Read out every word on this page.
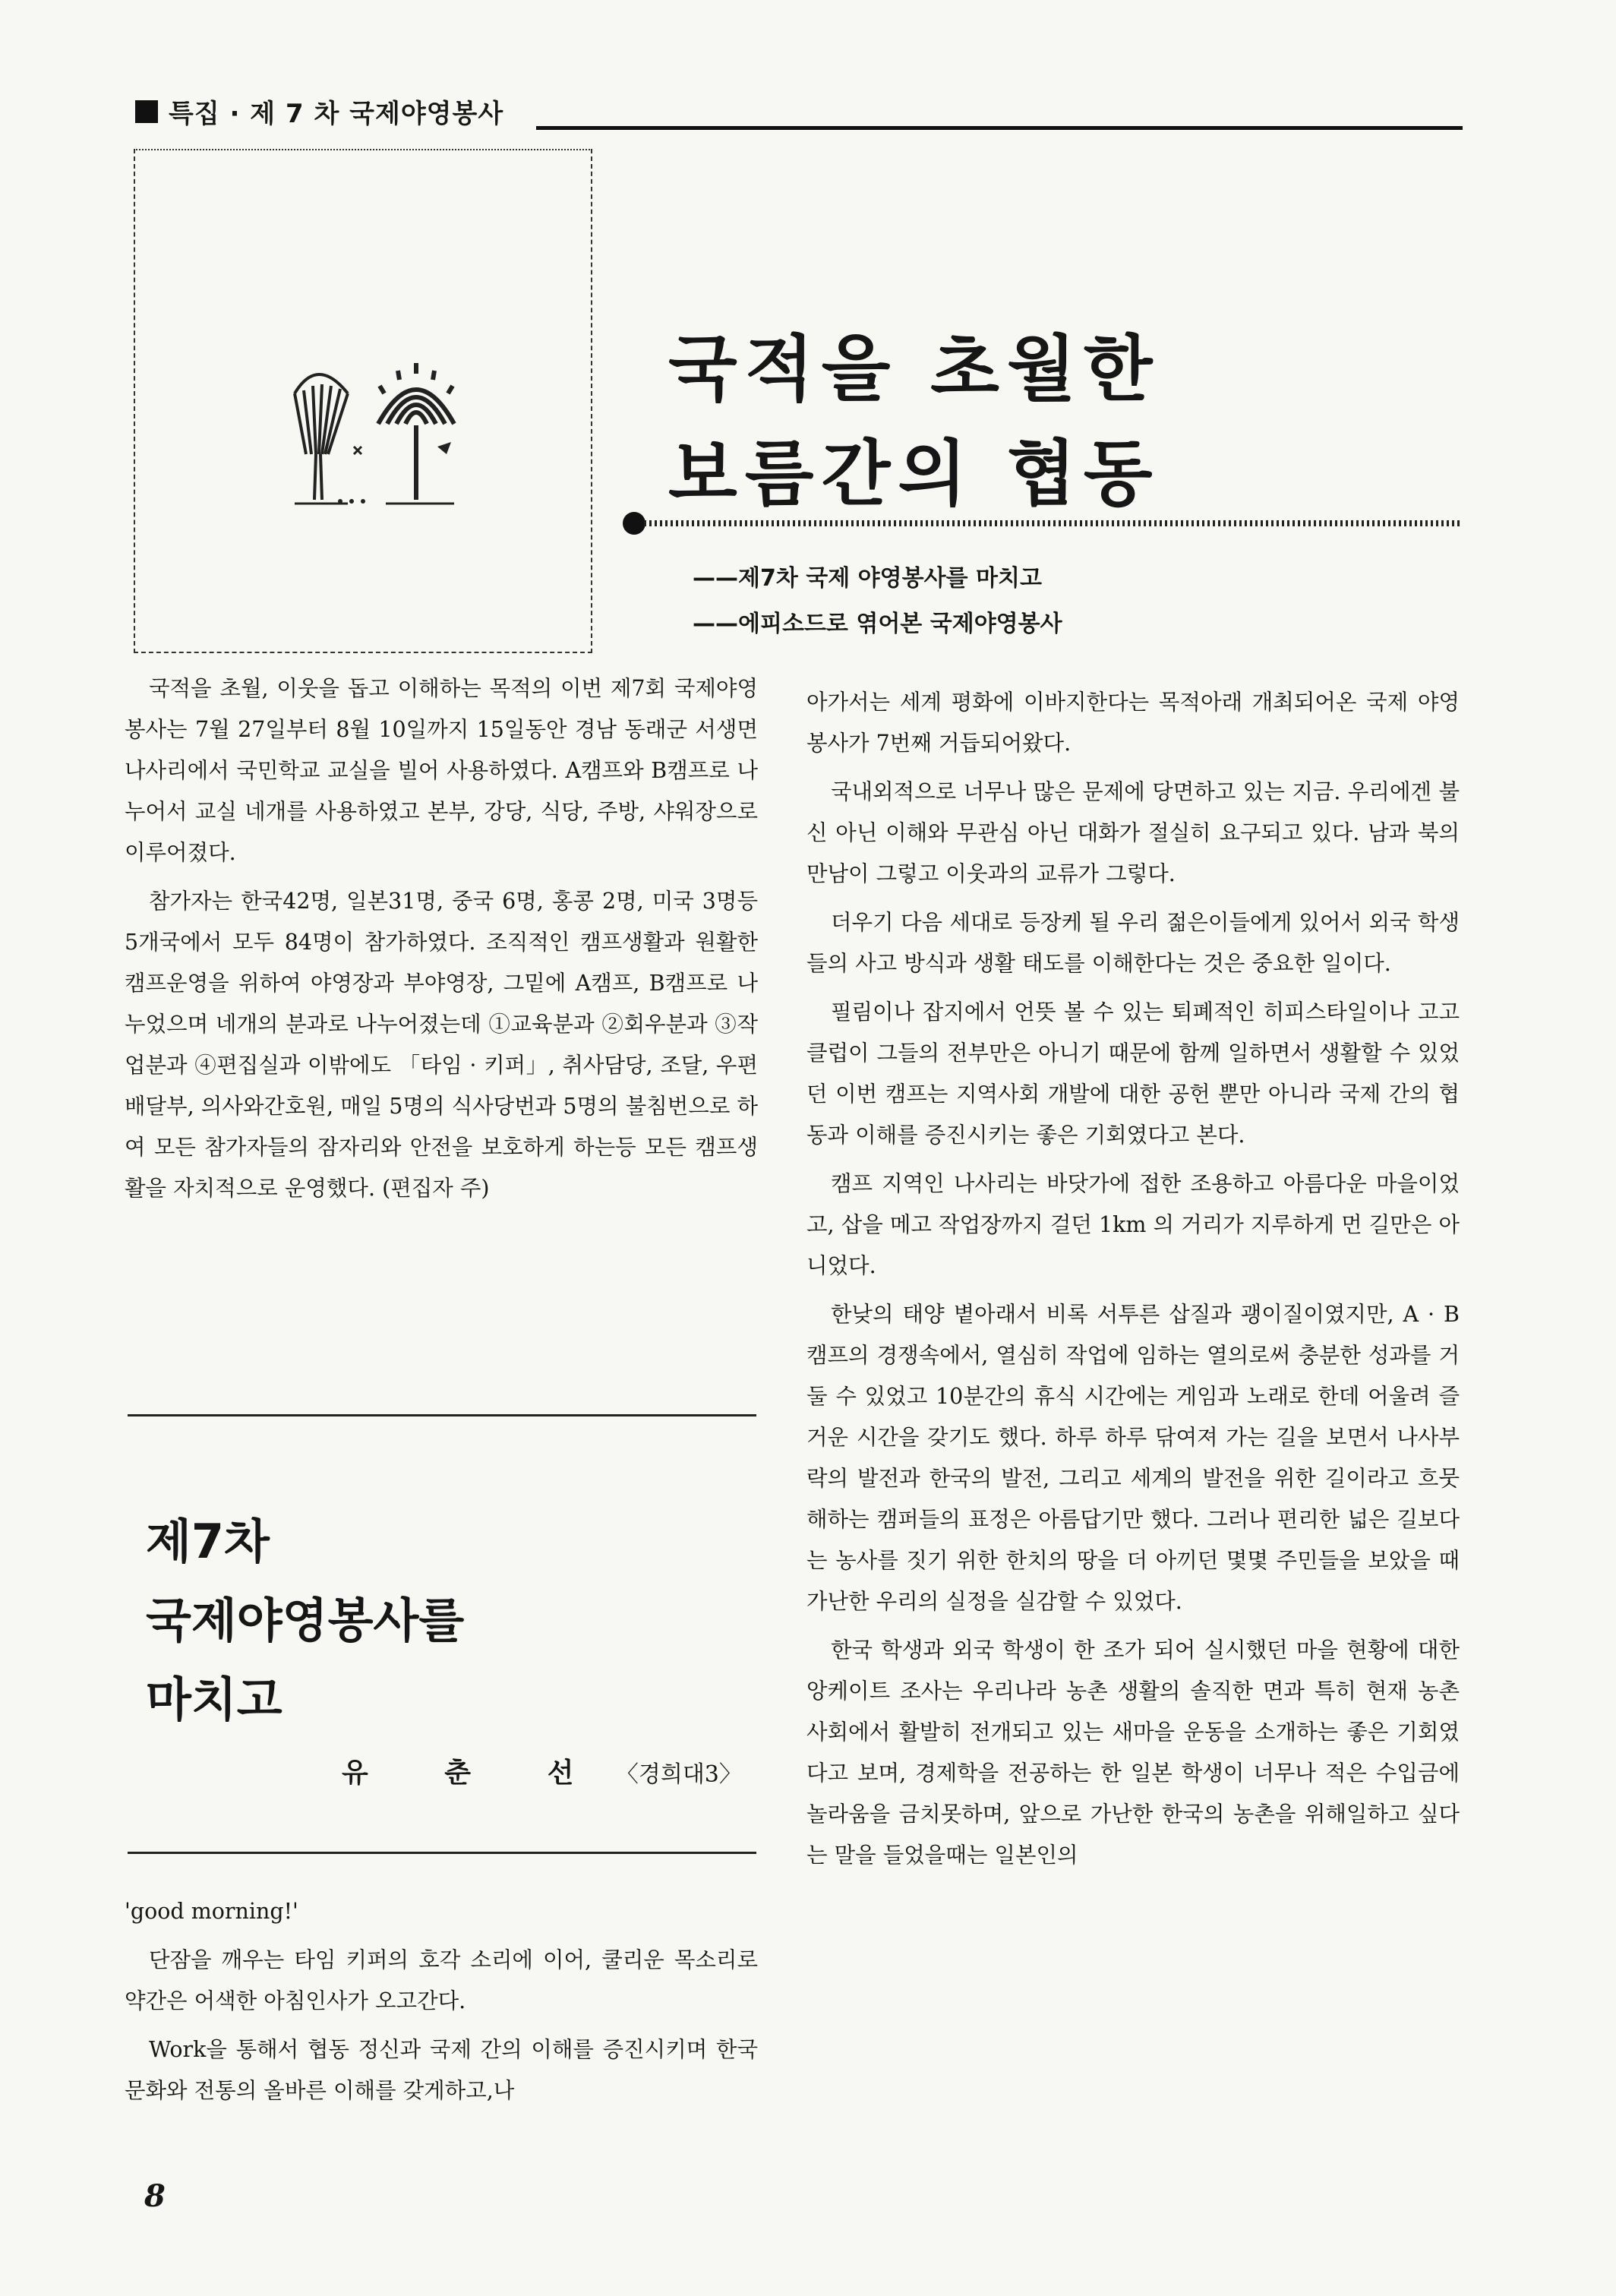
특집 · 제 7 차 국제야영봉사
국적을 초월한
보름간의 협동
——제7차 국제 야영봉사를 마치고
——에피소드로 엮어본 국제야영봉사

국적을 초월, 이웃을 돕고 이해하는 목적의 이번 제7회 국제야영봉사는 7월 27일부터 8월 10일까지 15일동안 경남 동래군 서생면 나사리에서 국민학교 교실을 빌어 사용하였다. A캠프와 B캠프로 나누어서 교실 네개를 사용하였고 본부, 강당, 식당, 주방, 샤워장으로 이루어졌다.

참가자는 한국42명, 일본31명, 중국 6명, 홍콩 2명, 미국 3명등 5개국에서 모두 84명이 참가하였다. 조직적인 캠프생활과 원활한 캠프운영을 위하여 야영장과 부야영장, 그밑에 A캠프, B캠프로 나누었으며 네개의 분과로 나누어졌는데 ①교육분과 ②회우분과 ③작업분과 ④편집실과 이밖에도 「타임 · 키퍼」, 취사담당, 조달, 우편배달부, 의사와간호원, 매일 5명의 식사당번과 5명의 불침번으로 하여 모든 참가자들의 잠자리와 안전을 보호하게 하는등 모든 캠프생활을 자치적으로 운영했다. (편집자 주)

제7차
국제야영봉사를
마치고
유 춘 선 〈경희대3〉

'good morning!'

단잠을 깨우는 타임 키퍼의 호각 소리에 이어, 쿨리운 목소리로 약간은 어색한 아침인사가 오고간다.

Work을 통해서 협동 정신과 국제 간의 이해를 증진시키며 한국문화와 전통의 올바른 이해를 갖게하고,나

아가서는 세계 평화에 이바지한다는 목적아래 개최되어온 국제 야영 봉사가 7번째 거듭되어왔다.

국내외적으로 너무나 많은 문제에 당면하고 있는 지금. 우리에겐 불신 아닌 이해와 무관심 아닌 대화가 절실히 요구되고 있다. 남과 북의 만남이 그렇고 이웃과의 교류가 그렇다.

더우기 다음 세대로 등장케 될 우리 젊은이들에게 있어서 외국 학생들의 사고 방식과 생활 태도를 이해한다는 것은 중요한 일이다.

필림이나 잡지에서 언뜻 볼 수 있는 퇴폐적인 히피스타일이나 고고 클럽이 그들의 전부만은 아니기 때문에 함께 일하면서 생활할 수 있었던 이번 캠프는 지역사회 개발에 대한 공헌 뿐만 아니라 국제 간의 협동과 이해를 증진시키는 좋은 기회였다고 본다.

캠프 지역인 나사리는 바닷가에 접한 조용하고 아름다운 마을이었고, 삽을 메고 작업장까지 걸던 1km 의 거리가 지루하게 먼 길만은 아니었다.

한낮의 태양 볕아래서 비록 서투른 삽질과 괭이질이였지만, A · B캠프의 경쟁속에서, 열심히 작업에 임하는 열의로써 충분한 성과를 거둘 수 있었고 10분간의 휴식 시간에는 게임과 노래로 한데 어울려 즐거운 시간을 갖기도 했다. 하루 하루 닦여져 가는 길을 보면서 나사부락의 발전과 한국의 발전, 그리고 세계의 발전을 위한 길이라고 흐뭇해하는 캠퍼들의 표정은 아름답기만 했다. 그러나 편리한 넓은 길보다는 농사를 짓기 위한 한치의 땅을 더 아끼던 몇몇 주민들을 보았을 때 가난한 우리의 실정을 실감할 수 있었다.

한국 학생과 외국 학생이 한 조가 되어 실시했던 마을 현황에 대한 앙케이트 조사는 우리나라 농촌 생활의 솔직한 면과 특히 현재 농촌 사회에서 활발히 전개되고 있는 새마을 운동을 소개하는 좋은 기회였다고 보며, 경제학을 전공하는 한 일본 학생이 너무나 적은 수입금에 놀라움을 금치못하며, 앞으로 가난한 한국의 농촌을 위해일하고 싶다는 말을 들었을때는 일본인의

8
